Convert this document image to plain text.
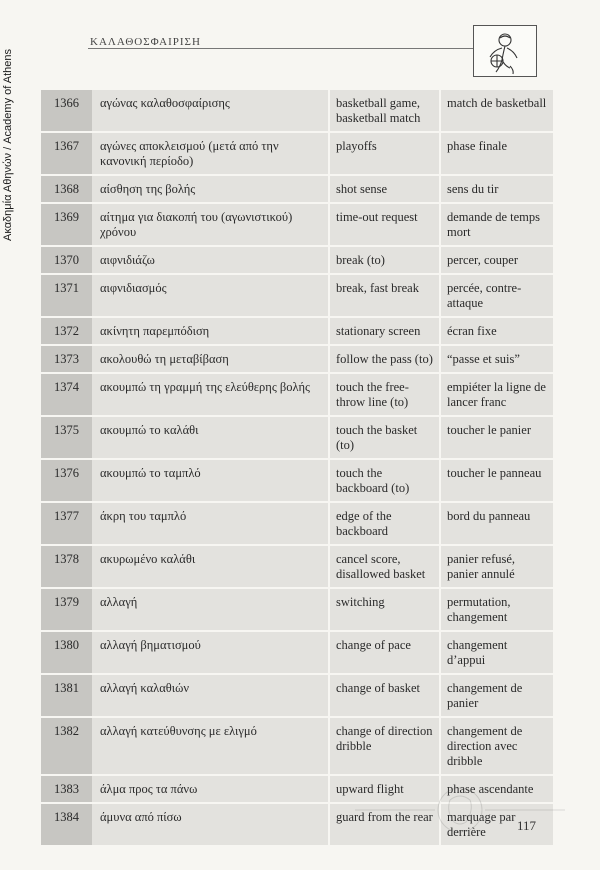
Ακαδημία Αθηνών / Academy of Athens
ΚΑΛΑΘΟΣΦΑΙΡΙΣΗ
1366	αγώνας καλαθοσφαίρισης	basketball game, basketball match	match de basketball
1367	αγώνες αποκλεισμού (μετά από την κανονική περίοδο)	playoffs	phase finale
1368	αίσθηση της βολής	shot sense	sens du tir
1369	αίτημα για διακοπή του (αγωνιστικού) χρόνου	time-out request	demande de temps mort
1370	αιφνιδιάζω	break (to)	percer, couper
1371	αιφνιδιασμός	break, fast break	percée, contre-attaque
1372	ακίνητη παρεμπόδιση	stationary screen	écran fixe
1373	ακολουθώ τη μεταβίβαση	follow the pass (to)	“passe et suis”
1374	ακουμπώ τη γραμμή της ελεύθερης βολής	touch the free-throw line (to)	empiéter la ligne de lancer franc
1375	ακουμπώ το καλάθι	touch the basket (to)	toucher le panier
1376	ακουμπώ το ταμπλό	touch the backboard (to)	toucher le panneau
1377	άκρη του ταμπλό	edge of the backboard	bord du panneau
1378	ακυρωμένο καλάθι	cancel score, disallowed basket	panier refusé, panier annulé
1379	αλλαγή	switching	permutation, changement
1380	αλλαγή βηματισμού	change of pace	changement d’appui
1381	αλλαγή καλαθιών	change of basket	changement de panier
1382	αλλαγή κατεύθυνσης με ελιγμό	change of direction dribble	changement de direction avec dribble
1383	άλμα προς τα πάνω	upward flight	phase ascendante
1384	άμυνα από πίσω	guard from the rear	marquage par derrière 117
